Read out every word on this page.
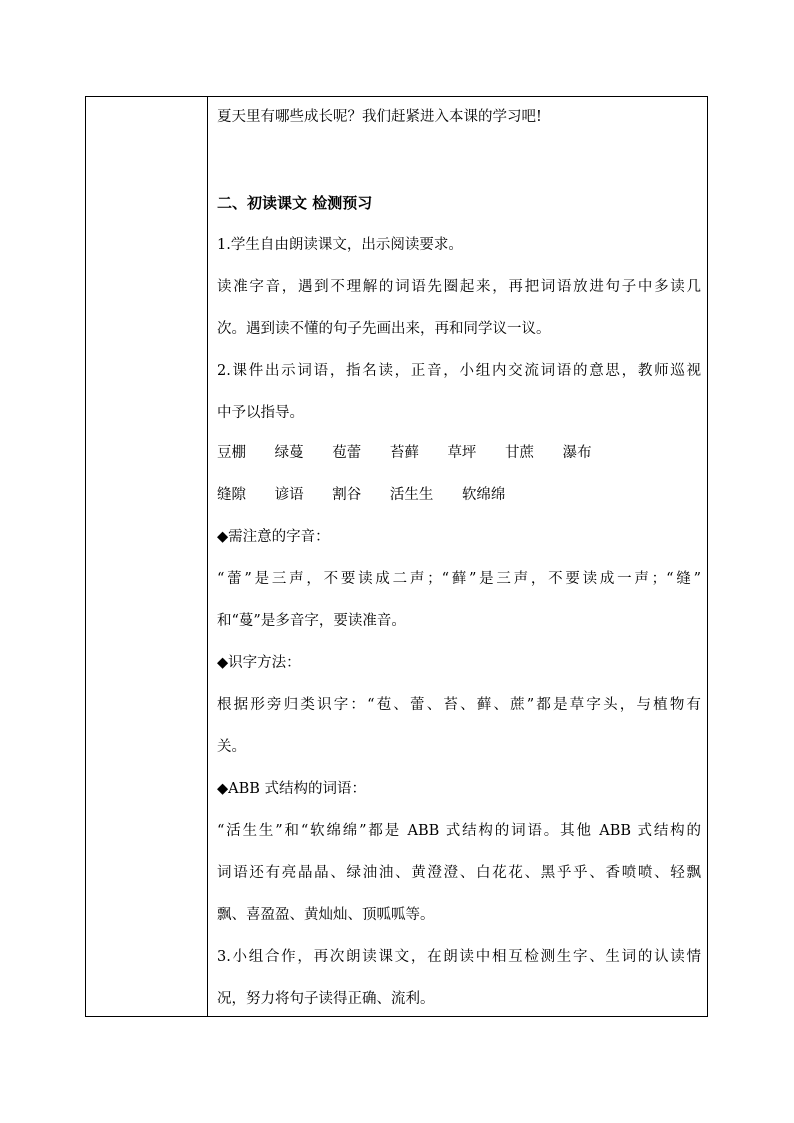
夏天里有哪些成长呢？我们赶紧进入本课的学习吧!
二、初读课文 检测预习
1.学生自由朗读课文，出示阅读要求。
读准字音，遇到不理解的词语先圈起来，再把词语放进句子中多读几
次。遇到读不懂的句子先画出来，再和同学议一议。
2.课件出示词语，指名读，正音，小组内交流词语的意思，教师巡视
中予以指导。
豆棚 绿蔓 苞蕾 苔藓 草坪 甘蔗 瀑布
缝隙 谚语 割谷 活生生 软绵绵
◆需注意的字音：
“蕾”是三声，不要读成二声；“藓”是三声，不要读成一声；“缝”
和“蔓”是多音字，要读准音。
◆识字方法：
根据形旁归类识字：“苞、蕾、苔、藓、蔗”都是草字头，与植物有
关。
◆ABB 式结构的词语：
“活生生”和“软绵绵”都是 ABB 式结构的词语。其他 ABB 式结构的
词语还有亮晶晶、绿油油、黄澄澄、白花花、黑乎乎、香喷喷、轻飘
飘、喜盈盈、黄灿灿、顶呱呱等。
3.小组合作，再次朗读课文，在朗读中相互检测生字、生词的认读情
况，努力将句子读得正确、流利。
